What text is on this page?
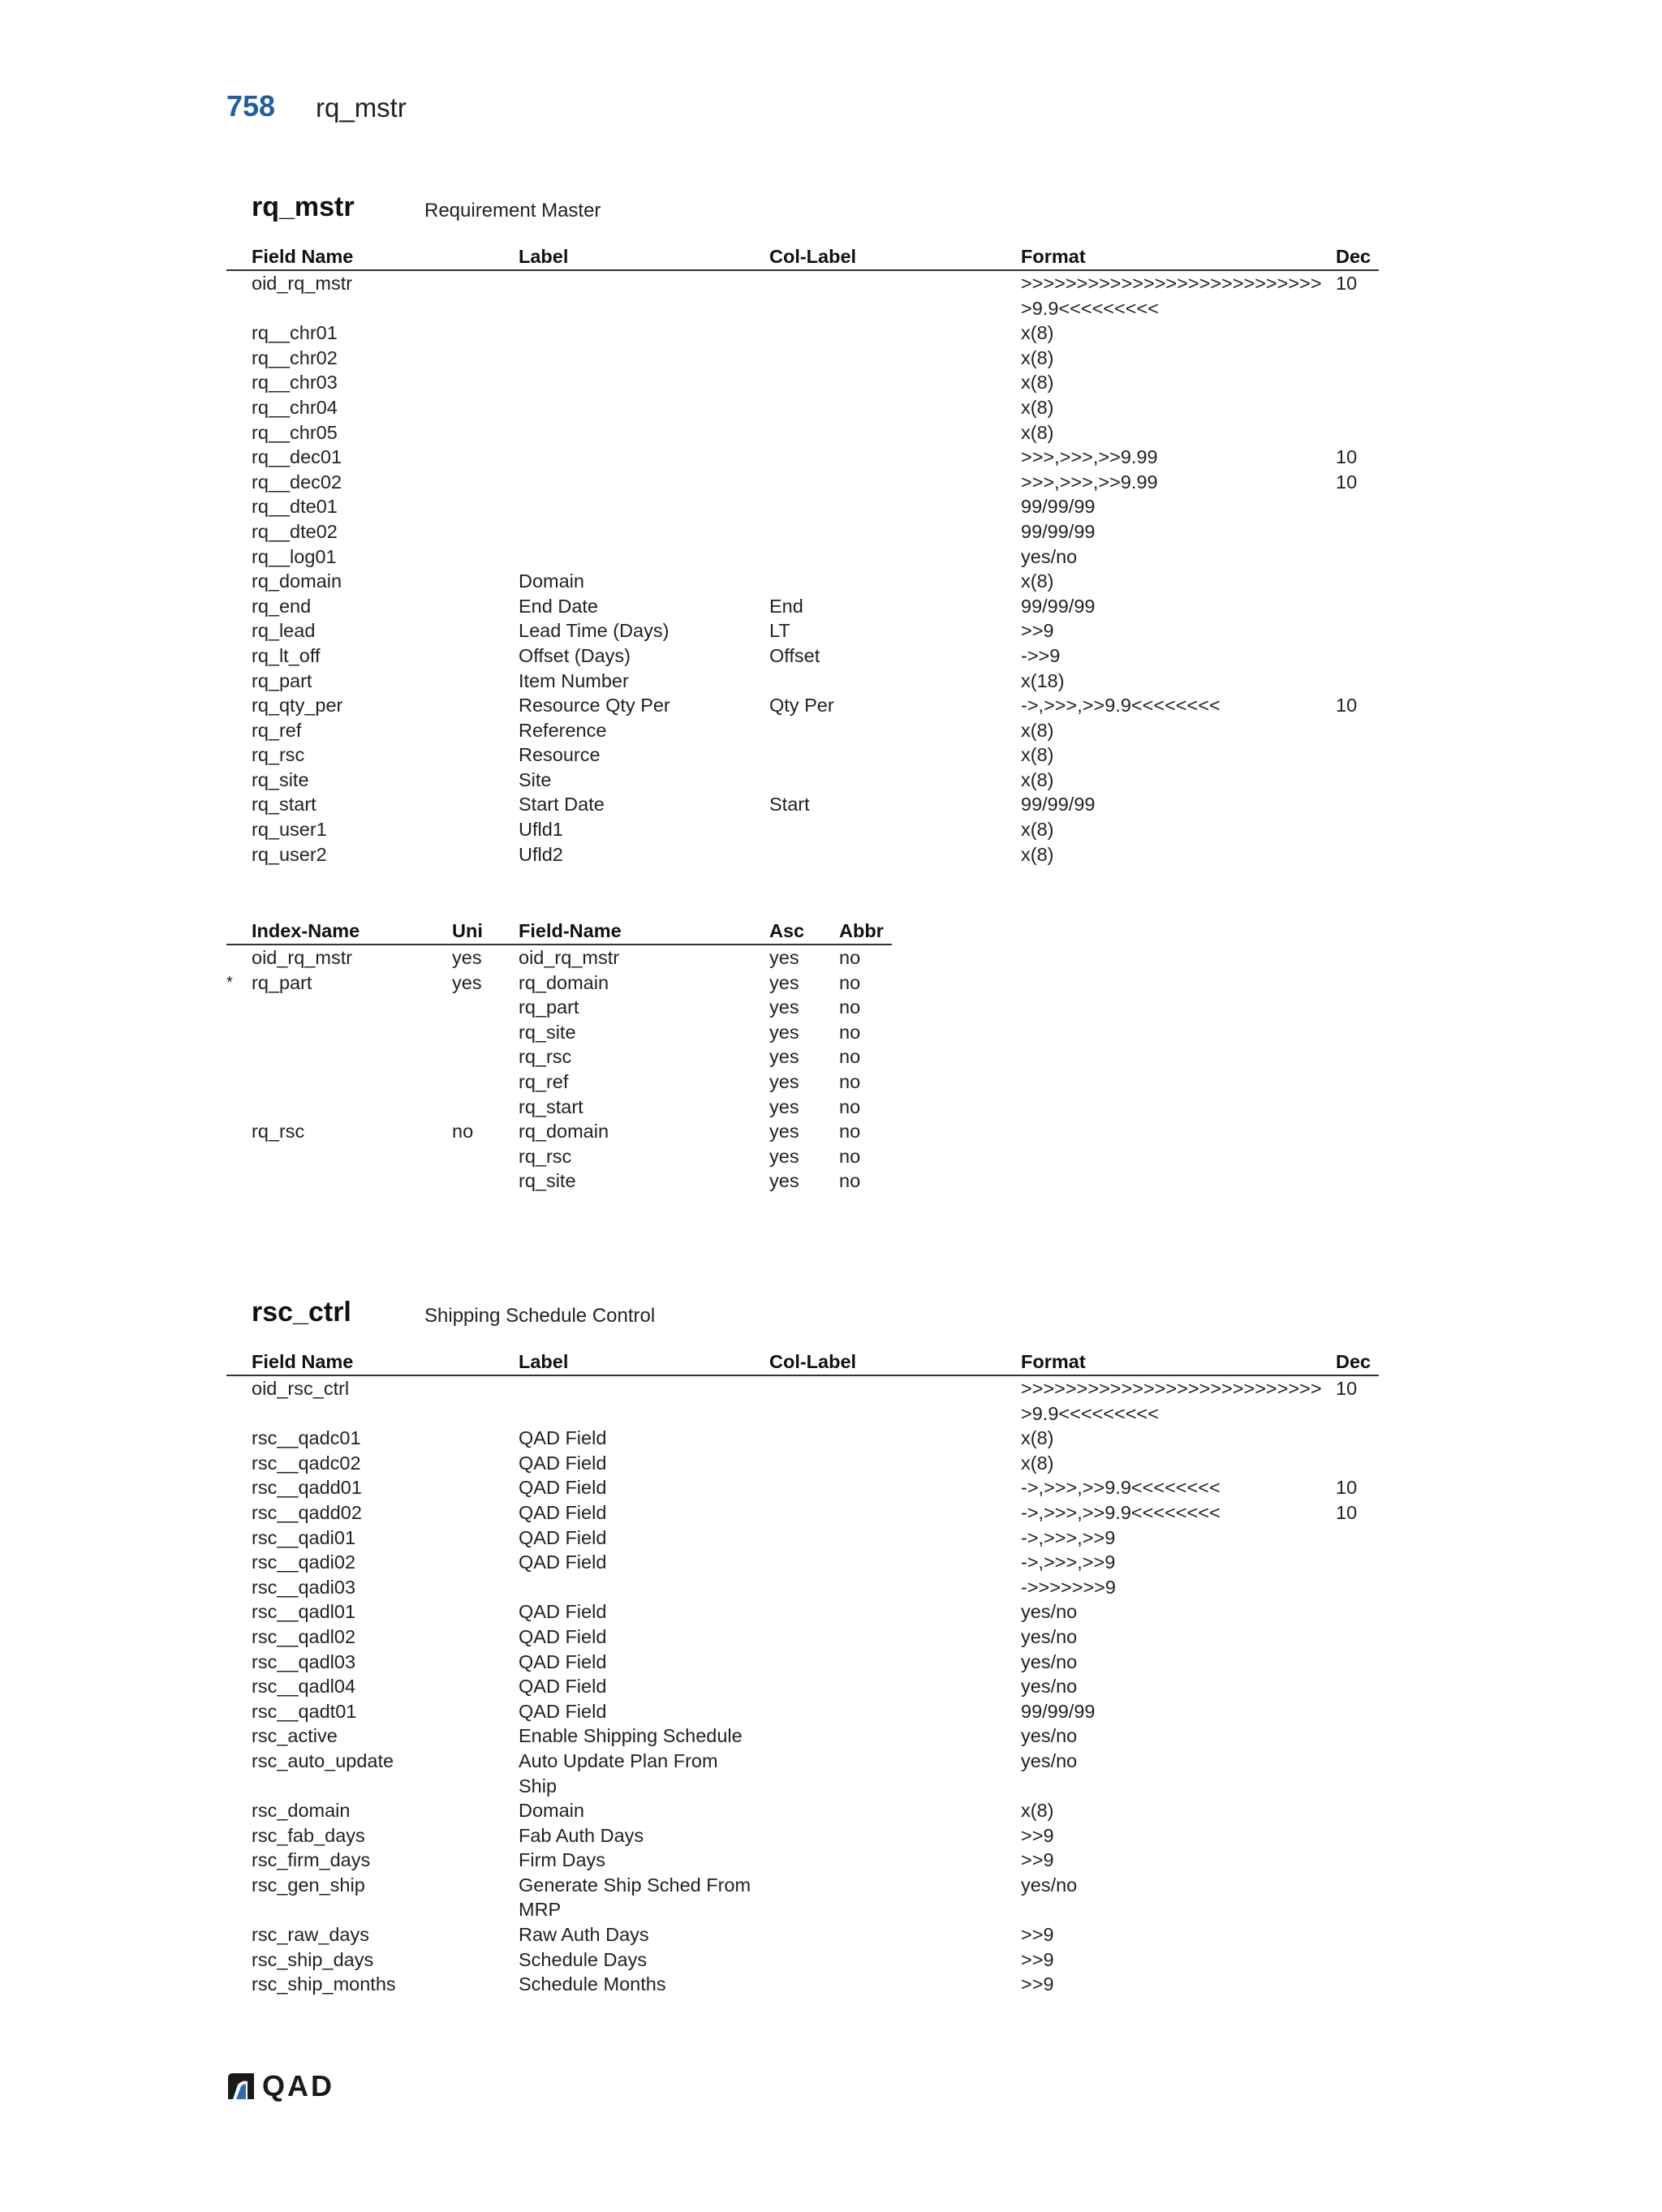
758 rq_mstr
rq_mstr	Requirement Master
	Field Name	Label	Col-Label	Format	Dec
	oid_rq_mstr			>>>>>>>>>>>>>>>>>>>>>>>>>>>>9.9<<<<<<<<<	10
	rq__chr01			x(8)	
	rq__chr02			x(8)	
	rq__chr03			x(8)	
	rq__chr04			x(8)	
	rq__chr05			x(8)	
	rq__dec01			>>>,>>>,>>9.99	10
	rq__dec02			>>>,>>>,>>9.99	10
	rq__dte01			99/99/99	
	rq__dte02			99/99/99	
	rq__log01			yes/no	
	rq_domain	Domain		x(8)	
	rq_end	End Date	End	99/99/99	
	rq_lead	Lead Time (Days)	LT	>>9	
	rq_lt_off	Offset (Days)	Offset	->>9	
	rq_part	Item Number		x(18)	
	rq_qty_per	Resource Qty Per	Qty Per	->,>>>,>>9.9<<<<<<<<	10
	rq_ref	Reference		x(8)	
	rq_rsc	Resource		x(8)	
	rq_site	Site		x(8)	
	rq_start	Start Date	Start	99/99/99	
	rq_user1	Ufld1		x(8)	
	rq_user2	Ufld2		x(8)	
	Index-Name	Uni	Field-Name	Asc	Abbr
	oid_rq_mstr	yes	oid_rq_mstr	yes	no
*	rq_part	yes	rq_domain	yes	no
			rq_part	yes	no
			rq_site	yes	no
			rq_rsc	yes	no
			rq_ref	yes	no
			rq_start	yes	no
	rq_rsc	no	rq_domain	yes	no
			rq_rsc	yes	no
			rq_site	yes	no
rsc_ctrl	Shipping Schedule Control
	Field Name	Label	Col-Label	Format	Dec
	oid_rsc_ctrl			>>>>>>>>>>>>>>>>>>>>>>>>>>>>9.9<<<<<<<<<	10
	rsc__qadc01	QAD Field		x(8)	
	rsc__qadc02	QAD Field		x(8)	
	rsc__qadd01	QAD Field		->,>>>,>>9.9<<<<<<<<	10
	rsc__qadd02	QAD Field		->,>>>,>>9.9<<<<<<<<	10
	rsc__qadi01	QAD Field		->,>>>,>>9	
	rsc__qadi02	QAD Field		->,>>>,>>9	
	rsc__qadi03			->>>>>>>9	
	rsc__qadl01	QAD Field		yes/no	
	rsc__qadl02	QAD Field		yes/no	
	rsc__qadl03	QAD Field		yes/no	
	rsc__qadl04	QAD Field		yes/no	
	rsc__qadt01	QAD Field		99/99/99	
	rsc_active	Enable Shipping Schedule		yes/no	
	rsc_auto_update	Auto Update Plan From Ship		yes/no	
	rsc_domain	Domain		x(8)	
	rsc_fab_days	Fab Auth Days		>>9	
	rsc_firm_days	Firm Days		>>9	
	rsc_gen_ship	Generate Ship Sched From MRP		yes/no	
	rsc_raw_days	Raw Auth Days		>>9	
	rsc_ship_days	Schedule Days		>>9	
	rsc_ship_months	Schedule Months		>>9	
QAD
